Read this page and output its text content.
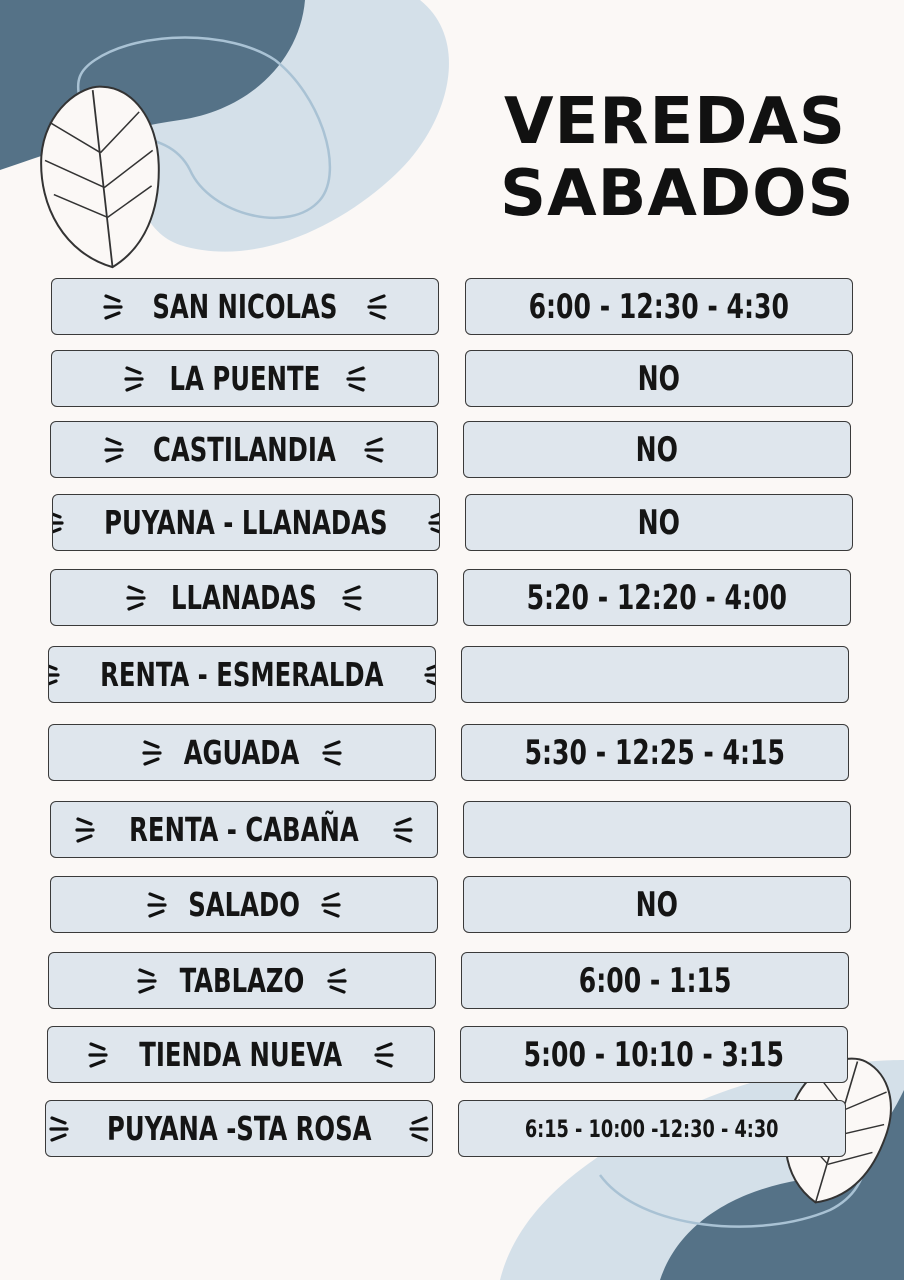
VEREDAS
SABADOS
SAN NICOLAS	6:00 - 12:30 - 4:30
LA PUENTE	NO
CASTILANDIA	NO
PUYANA - LLANADAS	NO
LLANADAS	5:20 - 12:20 - 4:00
RENTA - ESMERALDA
AGUADA	5:30 - 12:25 - 4:15
RENTA - CABAÑA
SALADO	NO
TABLAZO	6:00 - 1:15
TIENDA NUEVA	5:00 - 10:10 - 3:15
PUYANA -STA ROSA	6:15 - 10:00 -12:30 - 4:30
